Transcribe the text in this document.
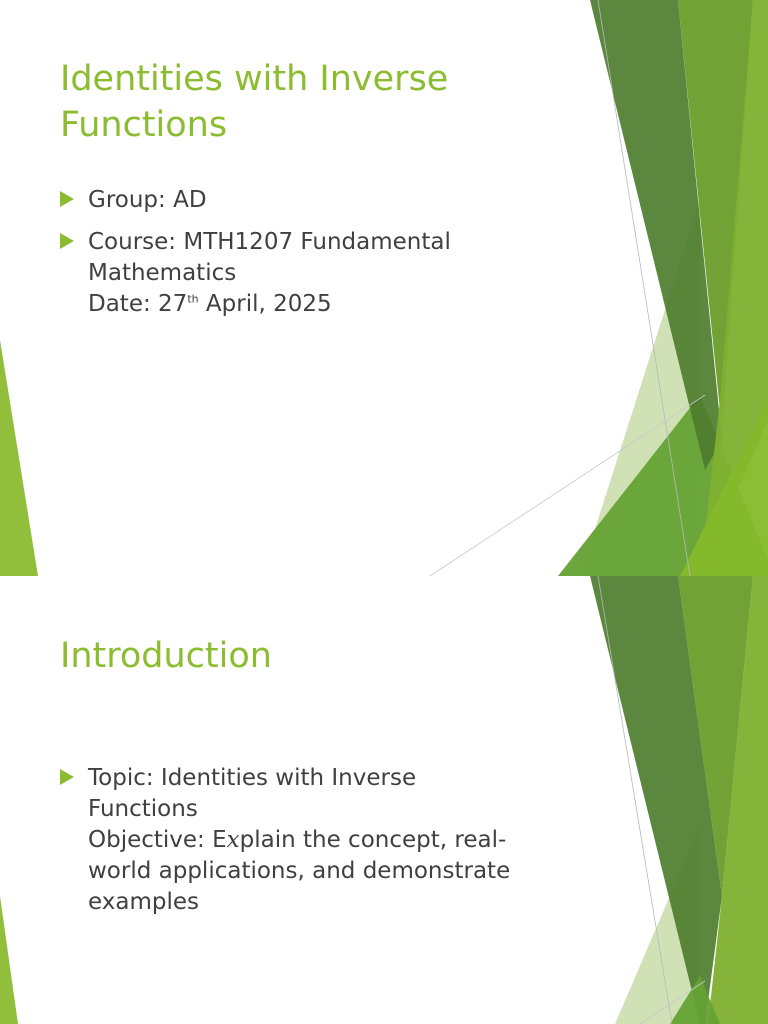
Identities with Inverse Functions
Group: AD
Course: MTH1207 Fundamental
Mathematics
Date: 27th April, 2025
Introduction
Topic: Identities with Inverse
Functions
Objective: Explain the concept, real-
world applications, and demonstrate
examples
